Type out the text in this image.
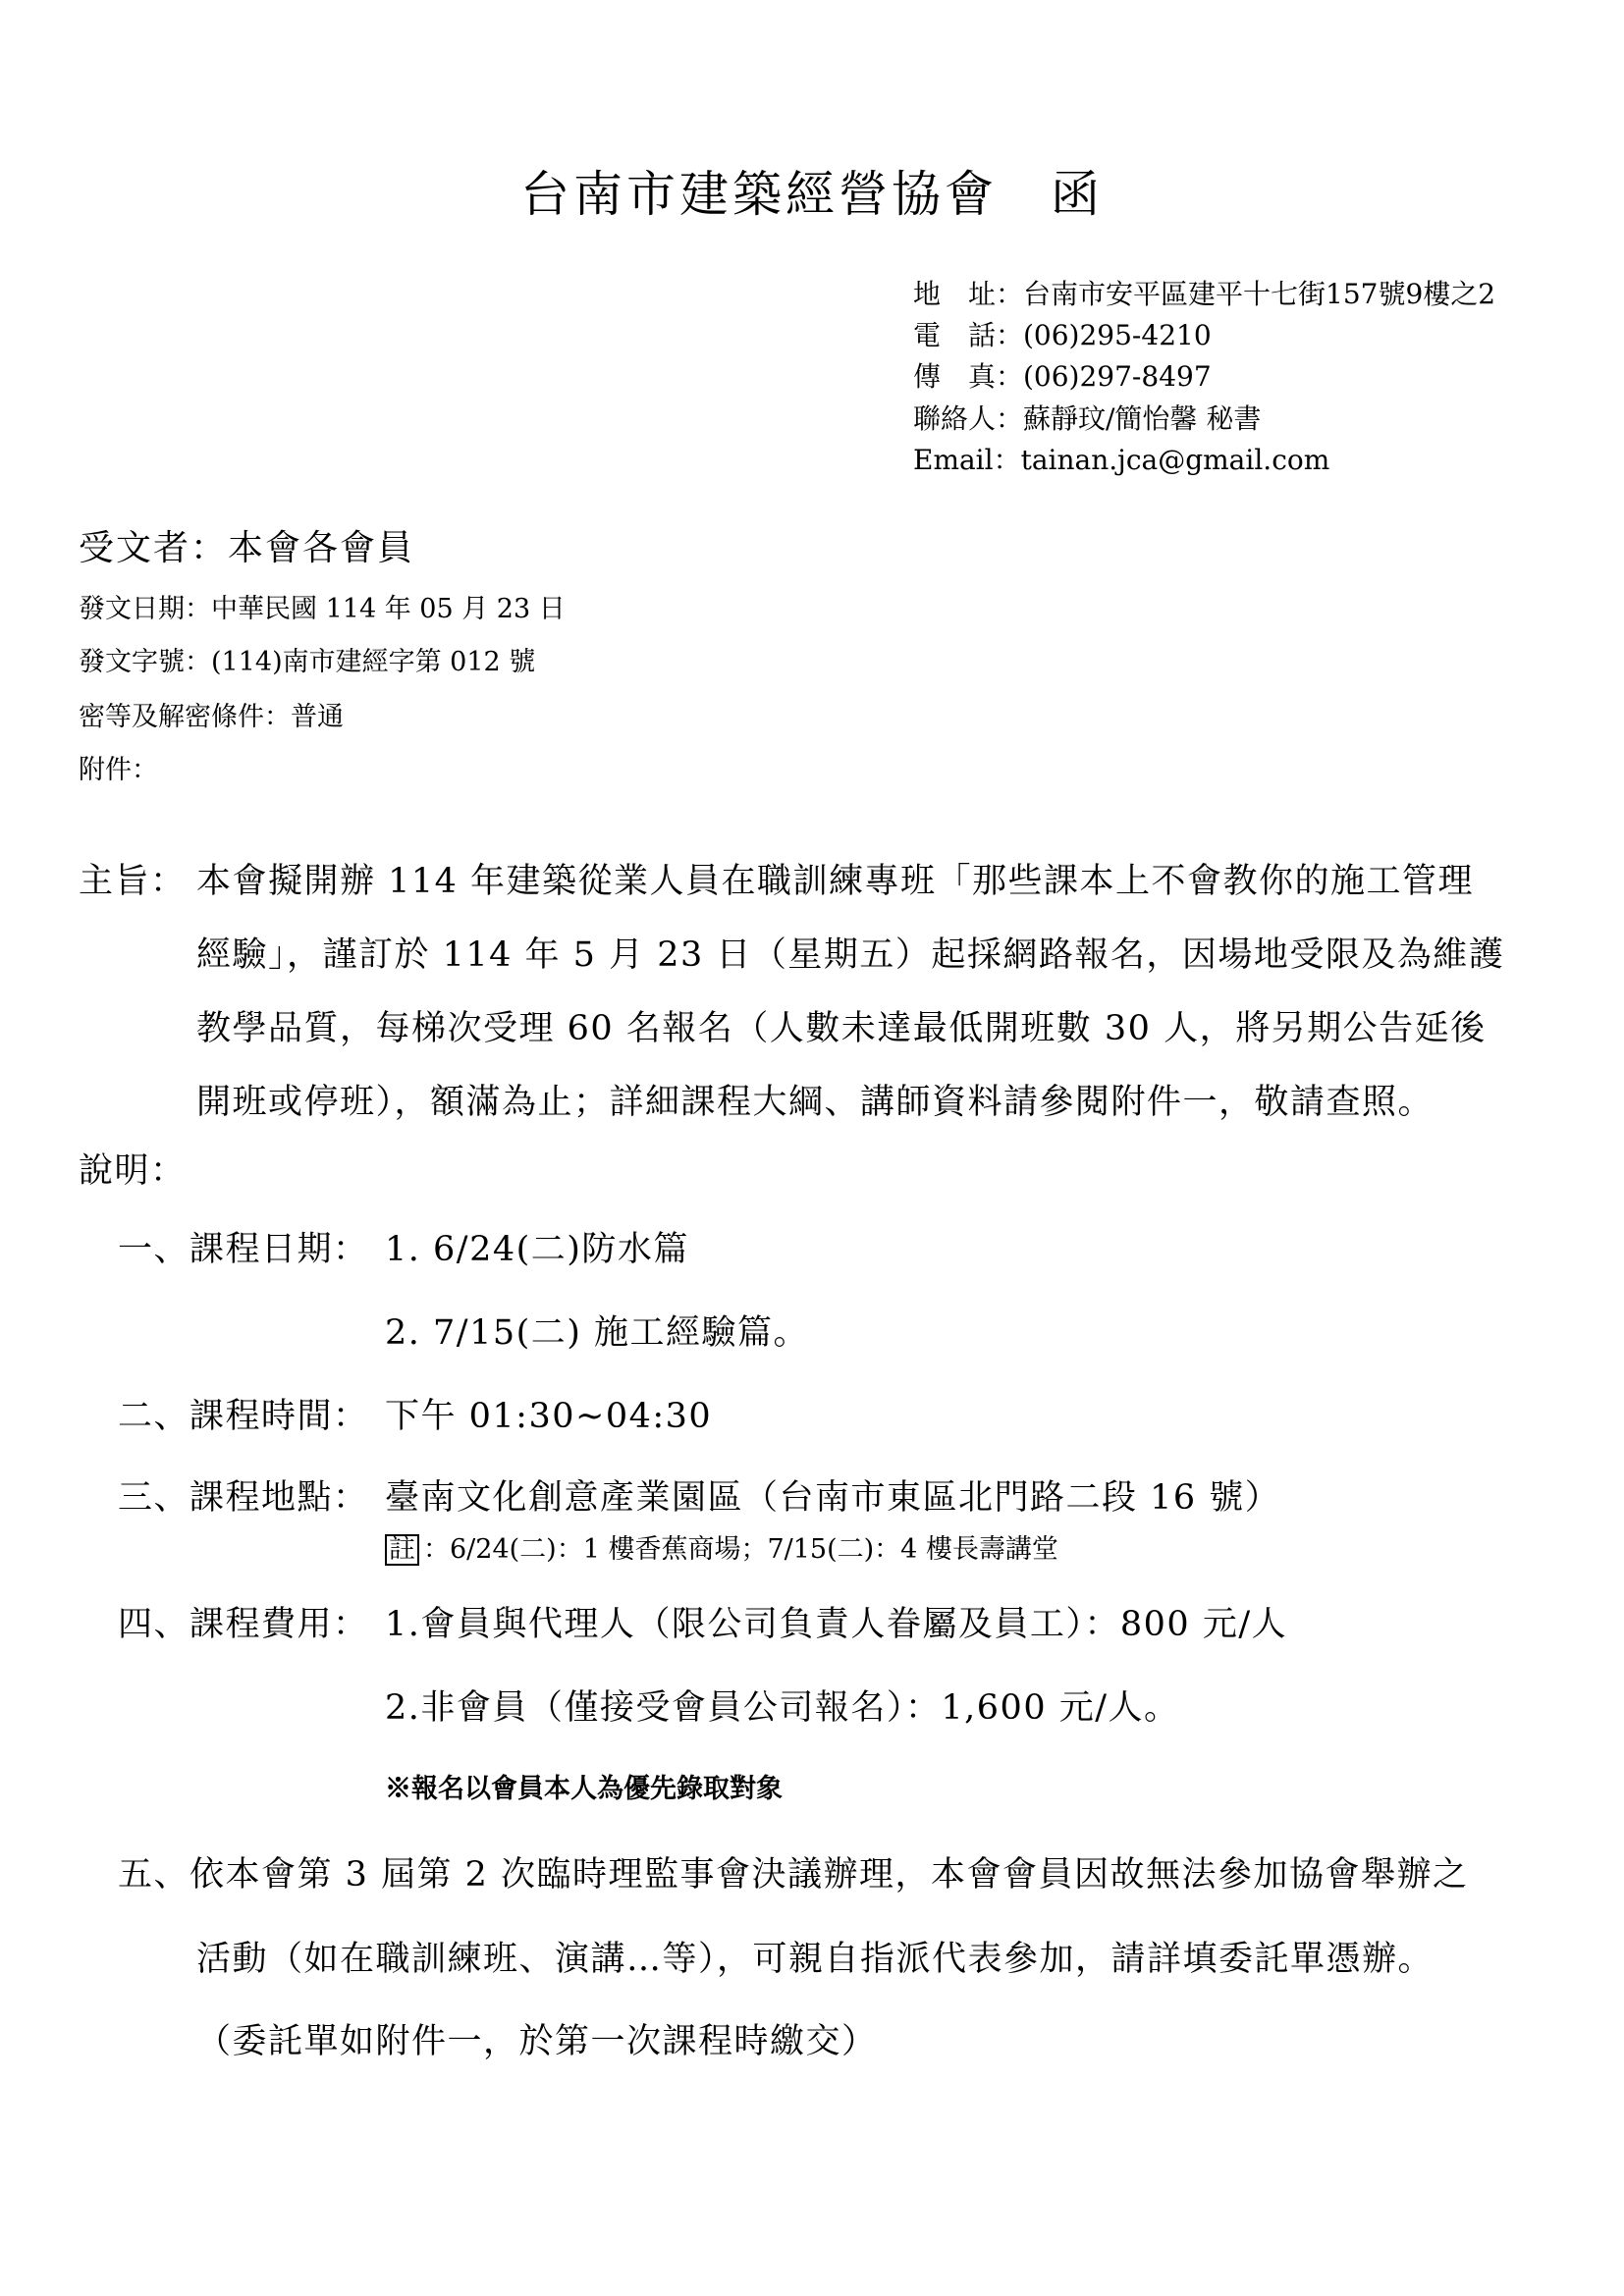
台南市建築經營協會　函
地　址：台南市安平區建平十七街157號9樓之2
電　話：(06)295-4210
傳　真：(06)297-8497
聯絡人：蘇靜玟/簡怡馨 秘書
Email：tainan.jca@gmail.com
受文者：本會各會員
發文日期：中華民國 114 年 05 月 23 日
發文字號：(114)南市建經字第 012 號
密等及解密條件：普通
附件：
主旨： 本會擬開辦 114 年建築從業人員在職訓練專班「那些課本上不會教你的施工管理
經驗」，謹訂於 114 年 5 月 23 日（星期五）起採網路報名，因場地受限及為維護
教學品質，每梯次受理 60 名報名（人數未達最低開班數 30 人，將另期公告延後
開班或停班），額滿為止；詳細課程大綱、講師資料請參閱附件一，敬請查照。
說明：
一、課程日期： 1. 6/24(二)防水篇
2. 7/15(二) 施工經驗篇。
二、課程時間： 下午 01:30~04:30
三、課程地點： 臺南文化創意產業園區（台南市東區北門路二段 16 號）
註 ：6/24(二)：1 樓香蕉商場；7/15(二)：4 樓長壽講堂
四、課程費用： 1.會員與代理人（限公司負責人眷屬及員工）：800 元/人
2.非會員（僅接受會員公司報名）：1,600 元/人。
※報名以會員本人為優先錄取對象
五、依本會第 3 屆第 2 次臨時理監事會決議辦理，本會會員因故無法參加協會舉辦之
活動（如在職訓練班、演講…等），可親自指派代表參加，請詳填委託單憑辦。
（委託單如附件一，於第一次課程時繳交）
